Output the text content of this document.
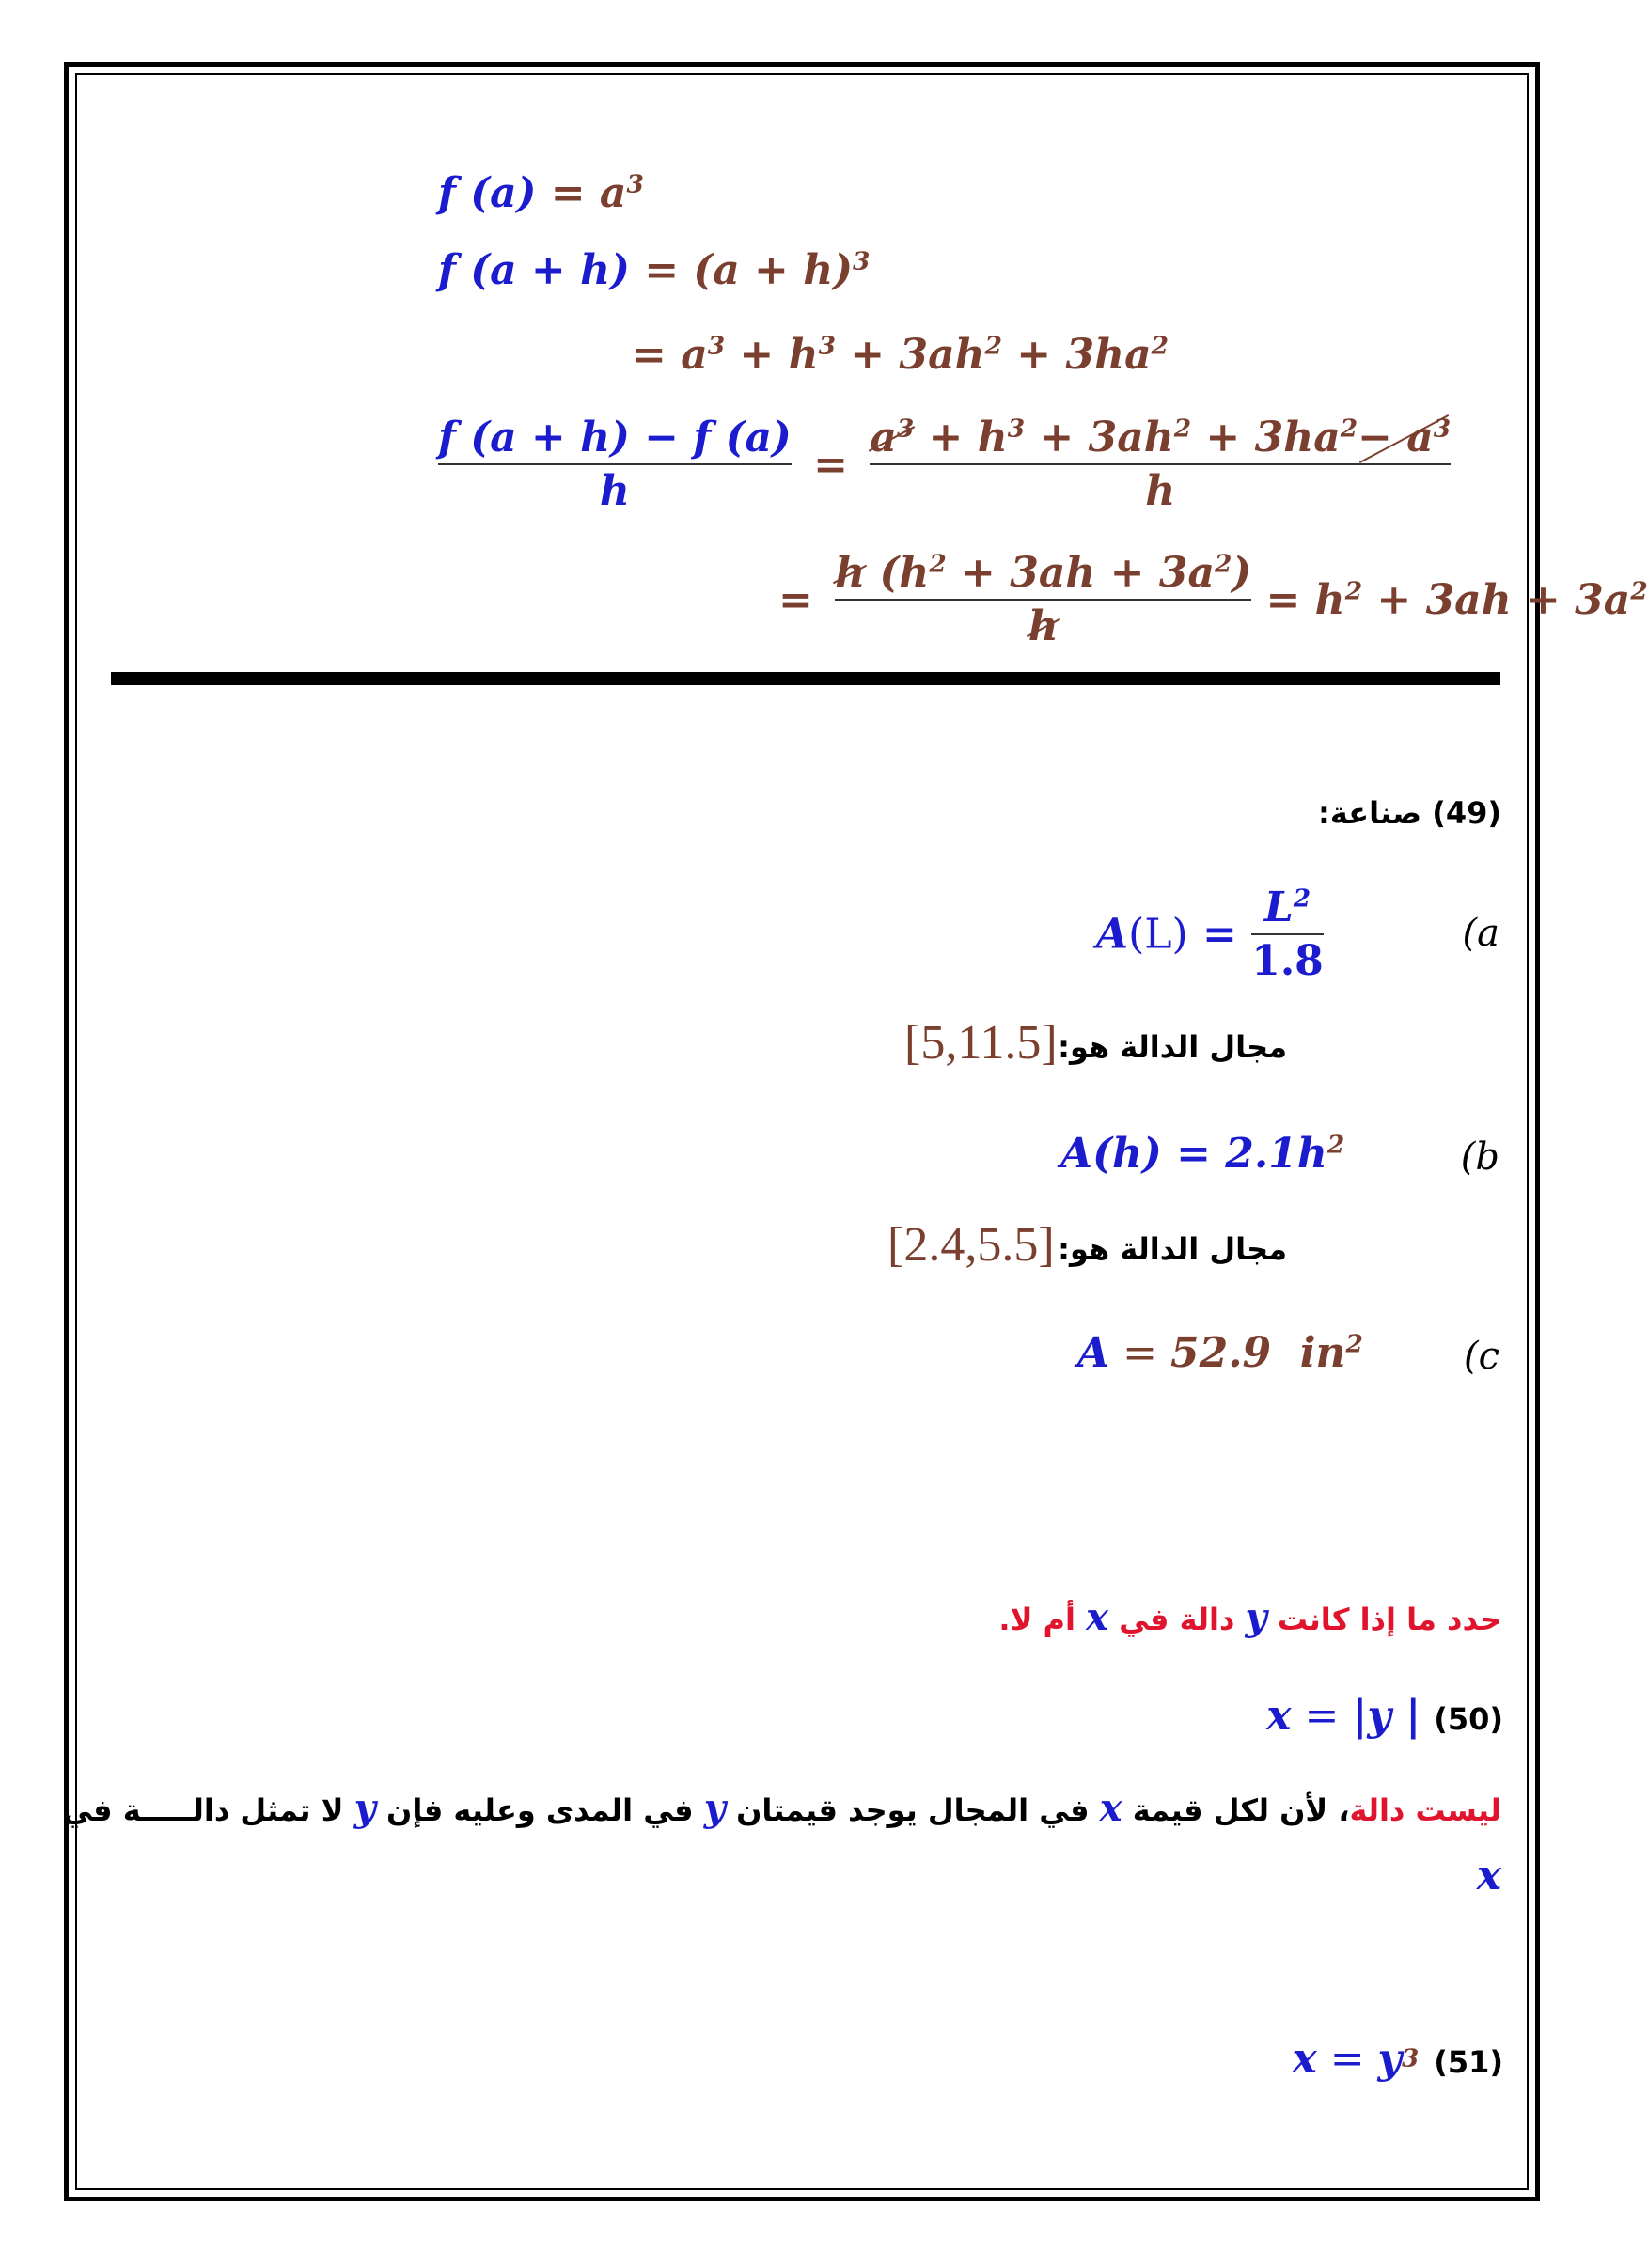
f $(a) = a^3$
f $(a + h) = (a + h)^3$
= $a^3 + h^3 + 3ah^2 + 3ha^2$
$\frac{f (a + h) - f (a)}{h} = \frac{a^3 + h^3 + 3ah^2 + 3ha^2- a^3}{h}$
= $\frac{h (h^2 + 3ah + 3a^2)}{h} = h^2 + 3ah + 3a^2$
(49) صناعة:
(a
$A(L) = \frac{L^2}{1.8}$
مجال الدالة هو:
[5,11.5]
(b
$A(h) = 2.1h^2$
مجال الدالة هو:
[2.4,5.5]
(c
A = 52.9  $in^2$
حدد ما إذا كانت y دالة في x أم لا.
x = |y | (50)
ليست دالة، لأن لكل قيمة x في المجال يوجد قيمتان y في المدى وعليه فإن y لا تمثل دالـــــة في
x
$x = y^3$ (51)
